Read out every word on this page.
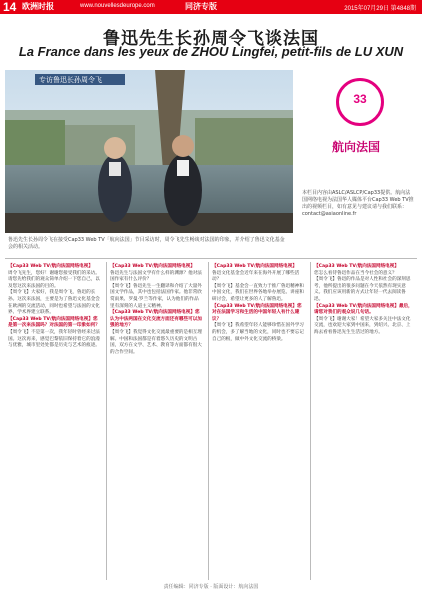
14 欧洲时报	www.nouvellesdeurope.com	同济专版	2015年07月29日 第4848期
鲁迅先生长孙周令飞谈法国
La France dans les yeux de ZHOU Lingfei, petit-fils de LU XUN
专访鲁迅长孙周令飞
鲁迅先生长孙周令飞在接受Cap33 Web TV「航向法国」节目采访时，周令飞先生畅谈对法国的印象，并介绍了鲁迅文化基金会的相关活动。
33
航向法国
本栏目内容由ASLC/ASLCP/Cap33提供。航向法国网络电视为法国华人媒体平台Cap33 Web TV推出的视频栏目，如有意见与建议请与我们联系：contact@asiaonline.fr
【Cap33 Web TV/航向法国网络电视】
周令飞先生，您好！谢谢您接受我们的采访。请您先给我们的观众简单介绍一下您自己，以及您这次来法国的目的。
【周令飞】大家好，我是周令飞，鲁迅的长孙。这次来法国，主要是为了鲁迅文化基金会在欧洲的交流活动，同时也希望与法国的文化界、学术界建立联系。
【Cap33 Web TV/航向法国网络电视】您是第一次来法国吗？对法国的第一印象如何？
【周令飞】不是第一次，我年轻时曾经来过法国。这次再来，感觉巴黎依旧保持着它的浪漫与优雅，城市里处处都是历史与艺术的痕迹。
【Cap33 Web TV/航向法国网络电视】
鲁迅先生与法国文学有什么样的渊源？他对法国作家有什么评价？
【周令飞】鲁迅先生一生翻译和介绍了大量外国文学作品，其中也包括法国作家。他非常欣赏雨果、罗曼·罗兰等作家，认为他们的作品里有深刻的人道主义精神。
【Cap33 Web TV/航向法国网络电视】您认为中法两国在文化交流方面还有哪些可以加强的地方？
【周令飞】我觉得文化交流最重要的是相互理解。中国和法国都是有着悠久历史的文明古国，双方在文学、艺术、教育等方面都有很大的合作空间。
【Cap33 Web TV/航向法国网络电视】
鲁迅文化基金会近年来在海外开展了哪些活动？
【周令飞】基金会一直致力于推广鲁迅精神和中国文化，我们在世界各地举办展览、讲座和研讨会，希望让更多的人了解鲁迅。
【Cap33 Web TV/航向法国网络电视】您对在法国学习和生活的中国年轻人有什么建议？
【周令飞】我希望年轻人能够珍惜在国外学习的机会，多了解当地的文化，同时也不要忘记自己的根，做中外文化交流的桥梁。
【Cap33 Web TV/航向法国网络电视】
您怎么看待鲁迅作品在当今社会的意义？
【周令飞】鲁迅的作品是对人性和社会的深刻思考，他所提出的很多问题在今天依然有现实意义。我们应该用新的方式让年轻一代去阅读鲁迅。
【Cap33 Web TV/航向法国网络电视】最后，请您对我们的观众说几句话。
【周令飞】谢谢大家！希望大家多关注中法文化交流，也欢迎大家到中国来，到绍兴、北京、上海去看看鲁迅先生生活过的地方。
责任编辑：同济专版 · 版面设计：航向法国
